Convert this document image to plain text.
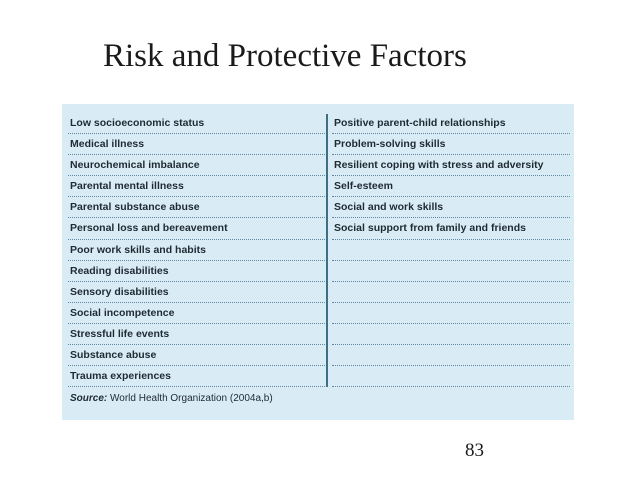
Risk and Protective Factors
Low socioeconomic status
Medical illness
Neurochemical imbalance
Parental mental illness
Parental substance abuse
Personal loss and bereavement
Poor work skills and habits
Reading disabilities
Sensory disabilities
Social incompetence
Stressful life events
Substance abuse
Trauma experiences
Positive parent-child relationships
Problem-solving skills
Resilient coping with stress and adversity
Self-esteem
Social and work skills
Social support from family and friends
Source: World Health Organization (2004a,b)
83
